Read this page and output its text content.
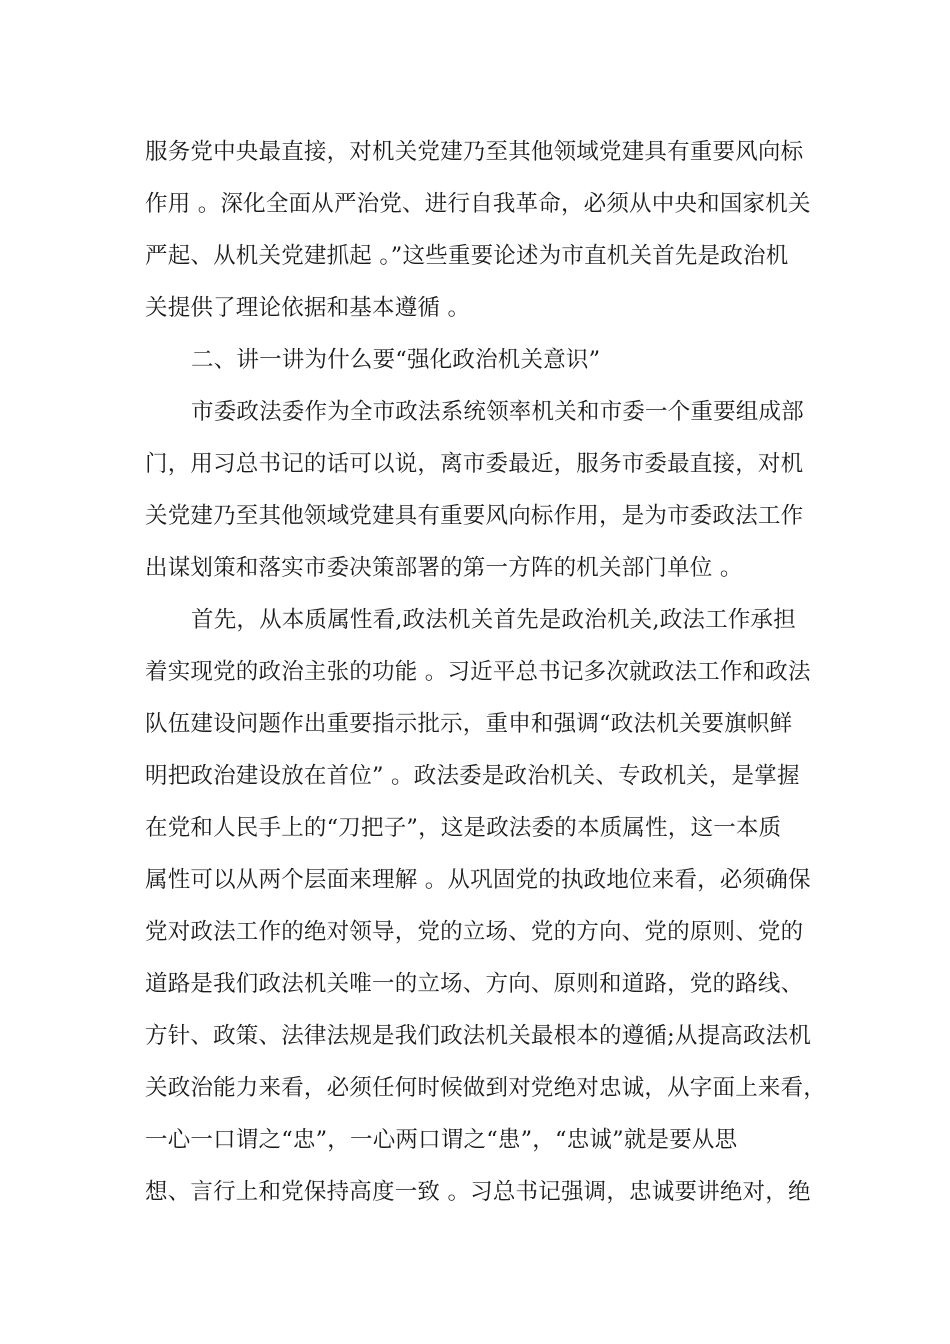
服务党中央最直接，对机关党建乃至其他领域党建具有重要风向标
作用 。深化全面从严治党、进行自我革命，必须从中央和国家机关
严起、从机关党建抓起 。”这些重要论述为市直机关首先是政治机
关提供了理论依据和基本遵循 。
二、讲一讲为什么要“强化政治机关意识”
市委政法委作为全市政法系统领率机关和市委一个重要组成部
门，用习总书记的话可以说，离市委最近，服务市委最直接，对机
关党建乃至其他领域党建具有重要风向标作用，是为市委政法工作
出谋划策和落实市委决策部署的第一方阵的机关部门单位 。
首先，从本质属性看,政法机关首先是政治机关,政法工作承担
着实现党的政治主张的功能 。习近平总书记多次就政法工作和政法
队伍建设问题作出重要指示批示，重申和强调“政法机关要旗帜鲜
明把政治建设放在首位” 。政法委是政治机关、专政机关，是掌握
在党和人民手上的“刀把子”，这是政法委的本质属性，这一本质
属性可以从两个层面来理解 。从巩固党的执政地位来看，必须确保
党对政法工作的绝对领导，党的立场、党的方向、党的原则、党的
道路是我们政法机关唯一的立场、方向、原则和道路，党的路线、
方针、政策、法律法规是我们政法机关最根本的遵循;从提高政法机
关政治能力来看，必须任何时候做到对党绝对忠诚，从字面上来看，
一心一口谓之“忠”，一心两口谓之“患”，“忠诚”就是要从思
想、言行上和党保持高度一致 。习总书记强调，忠诚要讲绝对，绝
